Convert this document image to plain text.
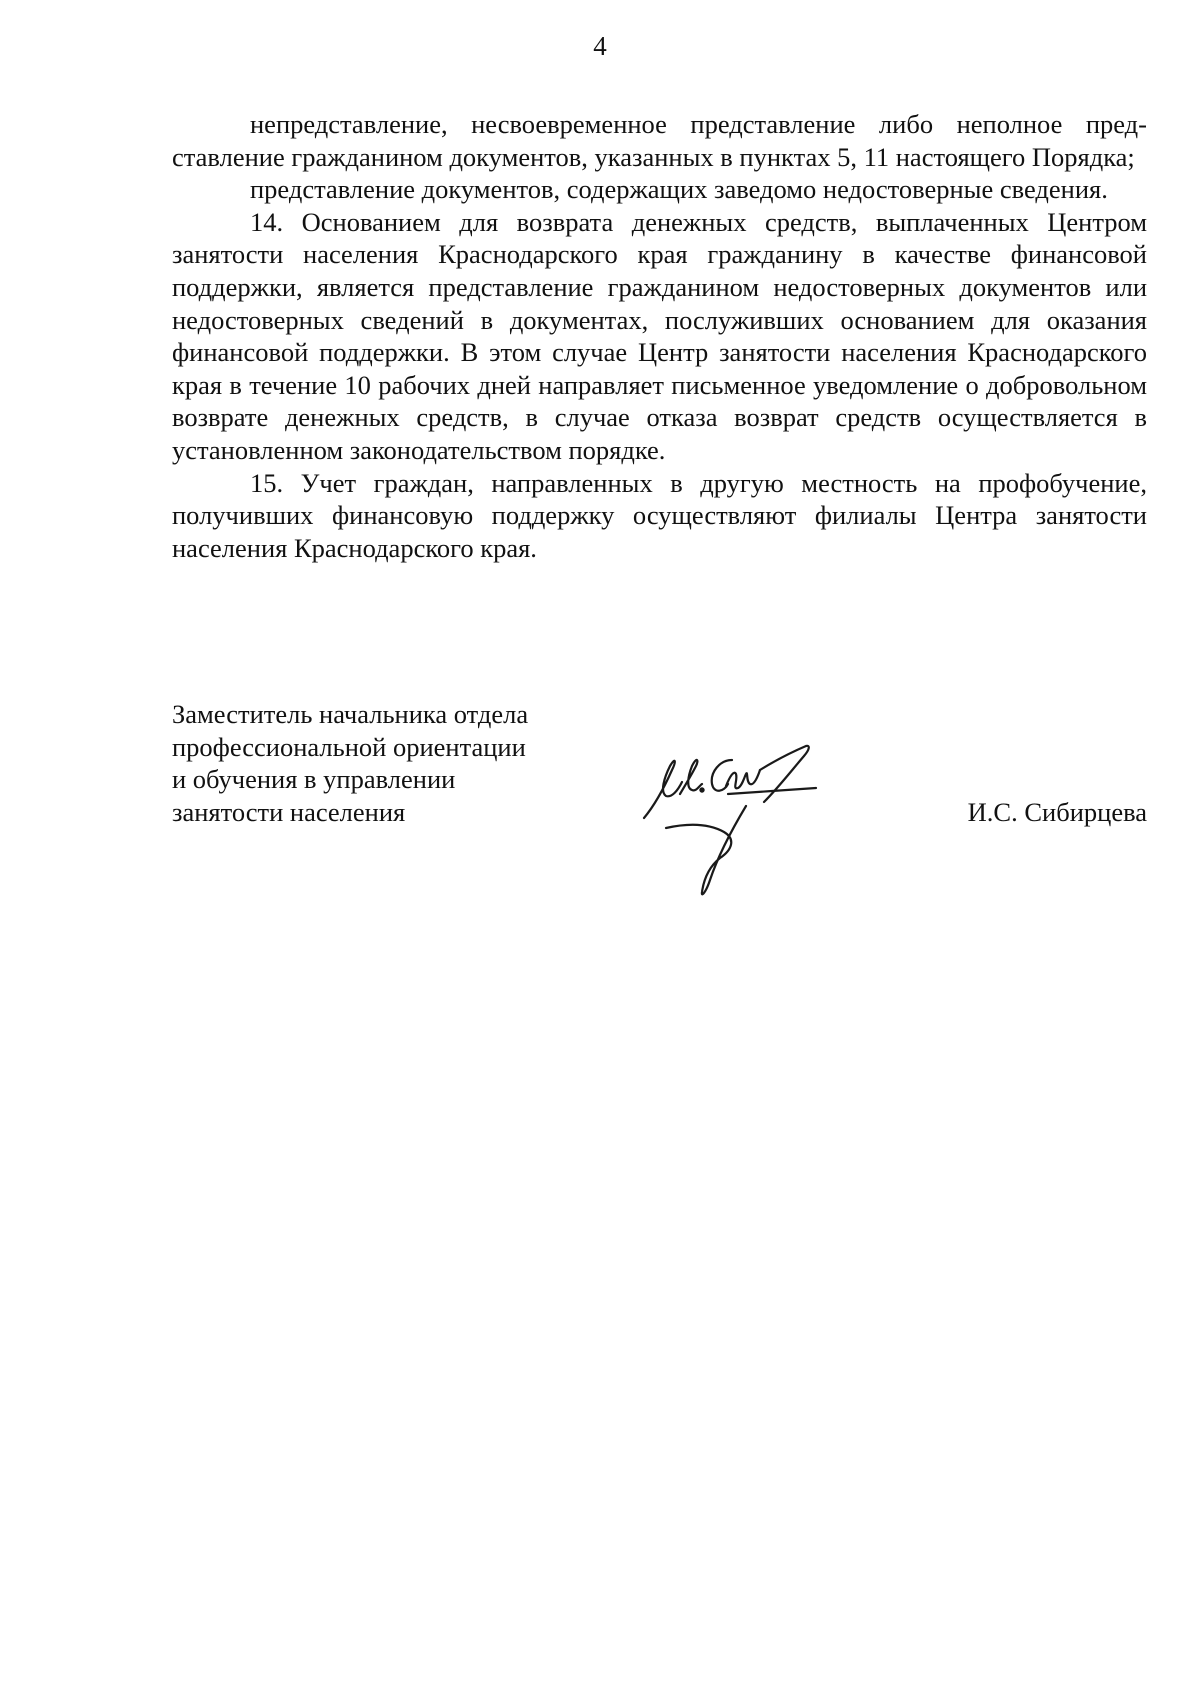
4

непредставление, несвоевременное представление либо неполное представление гражданином документов, указанных в пунктах 5, 11 настоящего Порядка;

представление документов, содержащих заведомо недостоверные сведения.

14. Основанием для возврата денежных средств, выплаченных Центром занятости населения Краснодарского края гражданину в качестве финансовой поддержки, является представление гражданином недостоверных документов или недостоверных сведений в документах, послуживших основанием для оказания финансовой поддержки. В этом случае Центр занятости населения Краснодарского края в течение 10 рабочих дней направляет письменное уведомление о добровольном возврате денежных средств, в случае отказа возврат средств осуществляется в установленном законодательством порядке.

15. Учет граждан, направленных в другую местность на профобучение, получивших финансовую поддержку осуществляют филиалы Центра занятости населения Краснодарского края.

Заместитель начальника отдела
профессиональной ориентации
и обучения в управлении
занятости населения	И.С. Сибирцева
